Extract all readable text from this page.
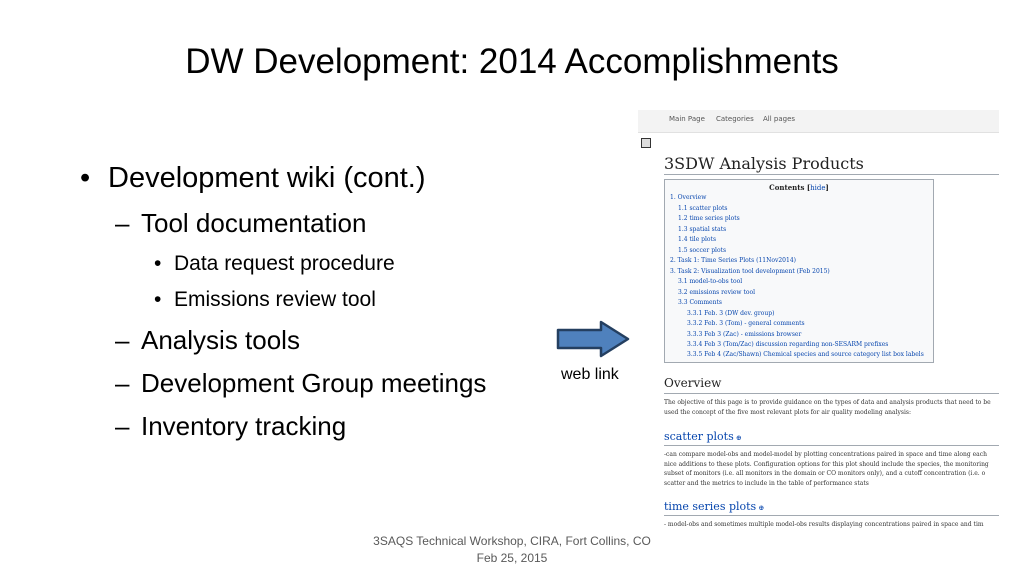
DW Development: 2014 Accomplishments
• Development wiki (cont.)
– Tool documentation
• Data request procedure
• Emissions review tool
– Analysis tools
– Development Group meetings
– Inventory tracking
web link
Main Page Categories All pages
3SDW Analysis Products
Contents [hide]
1. Overview
1.1 scatter plots
1.2 time series plots
1.3 spatial stats
1.4 tile plots
1.5 soccer plots
2. Task 1: Time Series Plots (11Nov2014)
3. Task 2: Visualization tool development (Feb 2015)
3.1 model-to-obs tool
3.2 emissions review tool
3.3 Comments
3.3.1 Feb. 3 (DW dev. group)
3.3.2 Feb. 3 (Tom) - general comments
3.3.3 Feb 3 (Zac) - emissions browser
3.3.4 Feb 3 (Tom/Zac) discussion regarding non-SESARM prefixes
3.3.5 Feb 4 (Zac/Shawn) Chemical species and source category list box labels
Overview
The objective of this page is to provide guidance on the types of data and analysis products that need to be
used the concept of the five most relevant plots for air quality modeling analysis:
scatter plots ⊕
-can compare model-obs and model-model by plotting concentrations paired in space and time along each
nice additions to these plots. Configuration options for this plot should include the species, the monitoring
subset of monitors (i.e. all monitors in the domain or CO monitors only), and a cutoff concentration (i.e. o
scatter and the metrics to include in the table of performance stats
time series plots ⊕
- model-obs and sometimes multiple model-obs results displaying concentrations paired in space and tim
3SAQS Technical Workshop, CIRA, Fort Collins, CO
Feb 25, 2015
